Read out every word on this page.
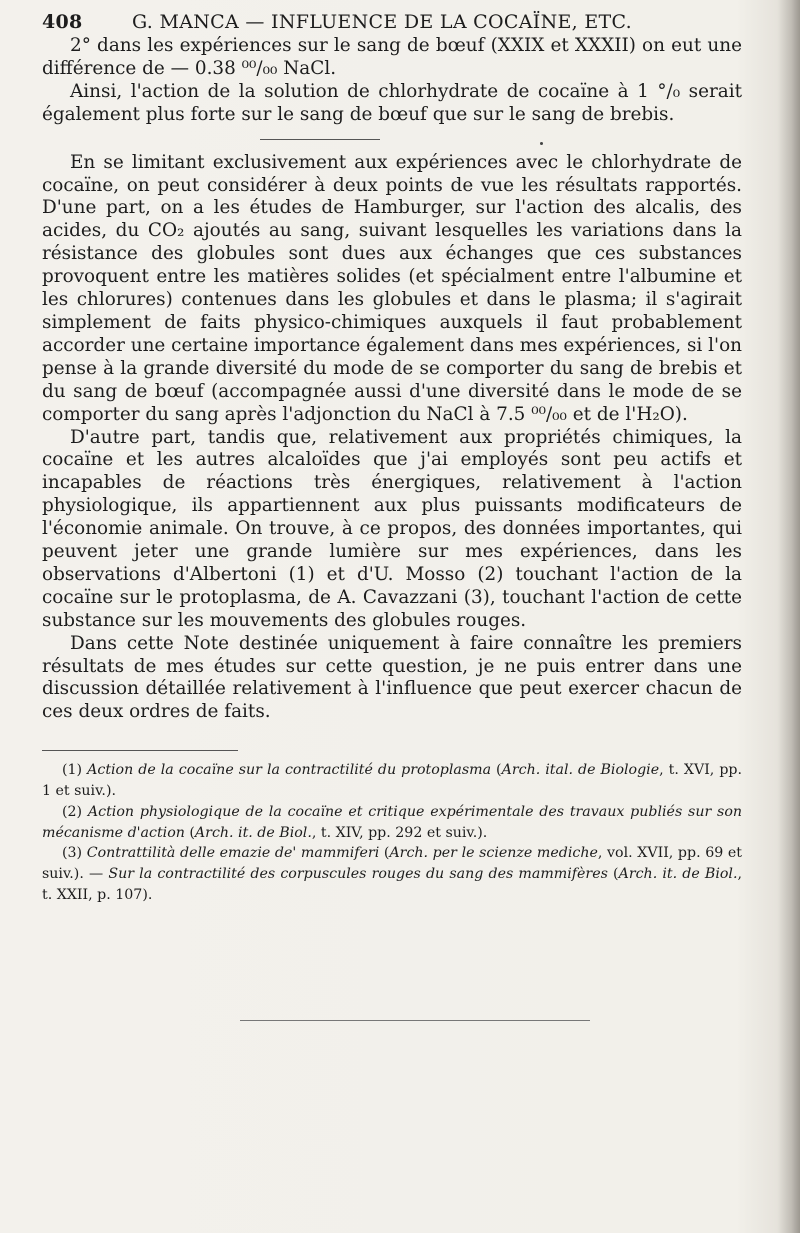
408	G. MANCA — INFLUENCE DE LA COCAÏNE, ETC.

2° dans les expériences sur le sang de bœuf (XXIX et XXXII) on eut une différence de — 0.38 ⁰⁰/₀₀ NaCl.

Ainsi, l'action de la solution de chlorhydrate de cocaïne à 1 °/₀ serait également plus forte sur le sang de bœuf que sur le sang de brebis.

En se limitant exclusivement aux expériences avec le chlorhydrate de cocaïne, on peut considérer à deux points de vue les résultats rapportés. D'une part, on a les études de Hamburger, sur l'action des alcalis, des acides, du CO₂ ajoutés au sang, suivant lesquelles les variations dans la résistance des globules sont dues aux échanges que ces substances provoquent entre les matières solides (et spécialment entre l'albumine et les chlorures) contenues dans les globules et dans le plasma; il s'agirait simplement de faits physico-chimiques auxquels il faut probablement accorder une certaine importance également dans mes expériences, si l'on pense à la grande diversité du mode de se comporter du sang de brebis et du sang de bœuf (accompagnée aussi d'une diversité dans le mode de se comporter du sang après l'adjonction du NaCl à 7.5 ⁰⁰/₀₀ et de l'H₂O).

D'autre part, tandis que, relativement aux propriétés chimiques, la cocaïne et les autres alcaloïdes que j'ai employés sont peu actifs et incapables de réactions très énergiques, relativement à l'action physiologique, ils appartiennent aux plus puissants modificateurs de l'économie animale. On trouve, à ce propos, des données importantes, qui peuvent jeter une grande lumière sur mes expériences, dans les observations d'Albertoni (1) et d'U. Mosso (2) touchant l'action de la cocaïne sur le protoplasma, de A. Cavazzani (3), touchant l'action de cette substance sur les mouvements des globules rouges.

Dans cette Note destinée uniquement à faire connaître les premiers résultats de mes études sur cette question, je ne puis entrer dans une discussion détaillée relativement à l'influence que peut exercer chacun de ces deux ordres de faits.

(1) Action de la cocaïne sur la contractilité du protoplasma (Arch. ital. de Biologie, t. XVI, pp. 1 et suiv.).

(2) Action physiologique de la cocaïne et critique expérimentale des travaux publiés sur son mécanisme d'action (Arch. it. de Biol., t. XIV, pp. 292 et suiv.).

(3) Contrattilità delle emazie de' mammiferi (Arch. per le scienze mediche, vol. XVII, pp. 69 et suiv.). — Sur la contractilité des corpuscules rouges du sang des mammifères (Arch. it. de Biol., t. XXII, p. 107).
